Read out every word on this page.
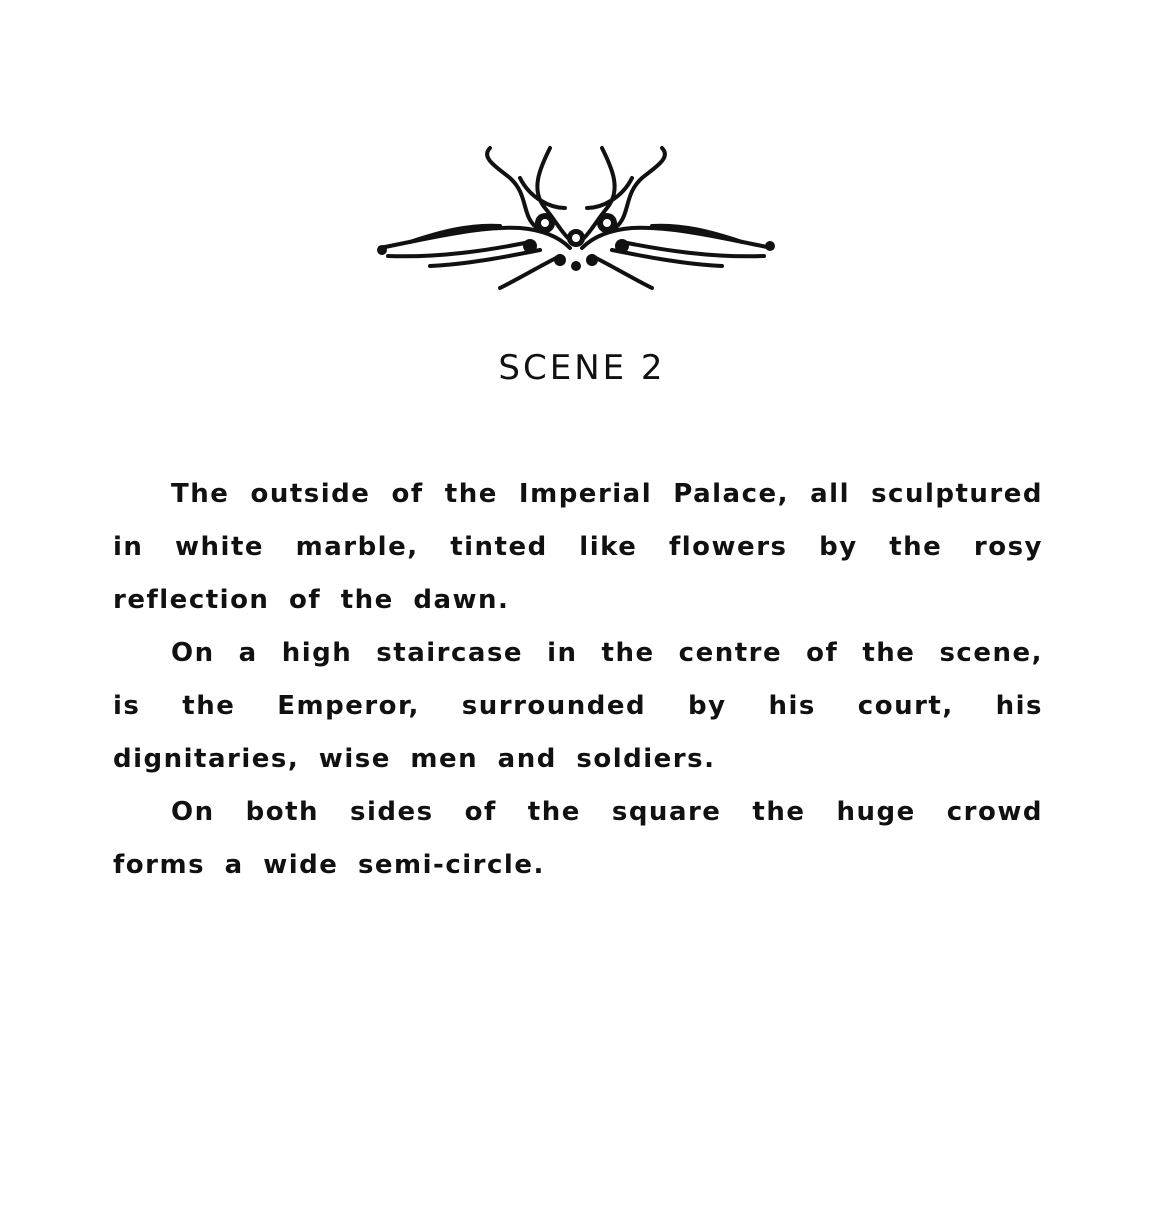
SCENE 2

The outside of the Imperial Palace, all sculptured in white marble, tinted like flowers by the rosy reflection of the dawn.

On a high staircase in the centre of the scene, is the Emperor, surrounded by his court, his dignitaries, wise men and soldiers.

On both sides of the square the huge crowd forms a wide semi-circle.
